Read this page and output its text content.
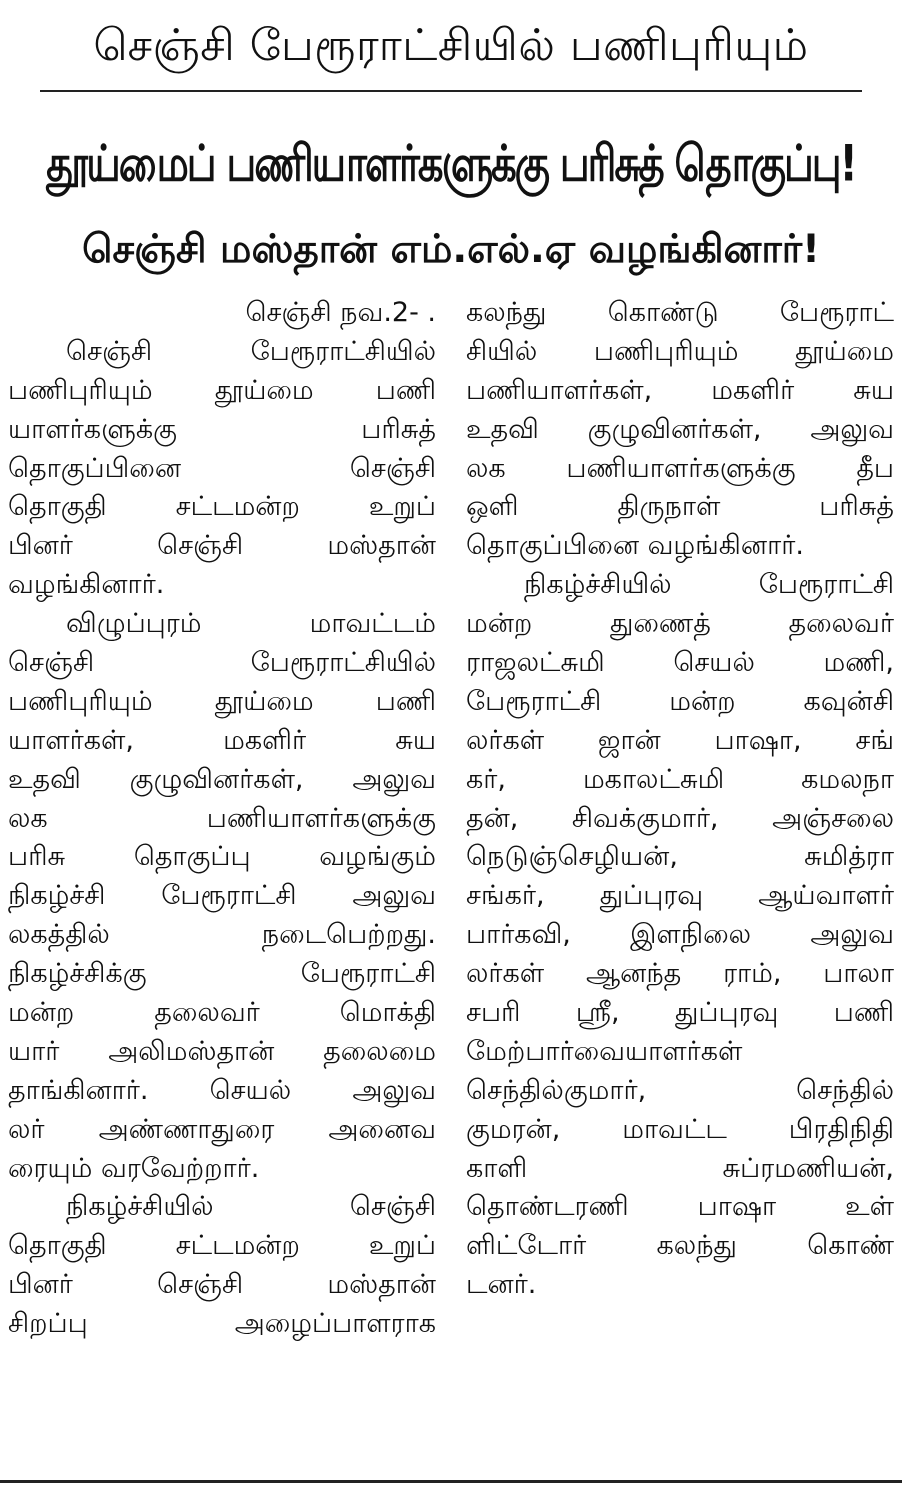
செஞ்சி பேரூராட்சியில் பணிபுரியும்
தூய்மைப் பணியாளர்களுக்கு பரிசுத் தொகுப்பு!
செஞ்சி மஸ்தான் எம்.எல்.ஏ வழங்கினார்!
செஞ்சி நவ.2- .
செஞ்சி பேரூராட்சியில்
பணிபுரியும் தூய்மை பணி
யாளர்களுக்கு பரிசுத்
தொகுப்பினை செஞ்சி
தொகுதி சட்டமன்ற உறுப்
பினர் செஞ்சி மஸ்தான்
வழங்கினார்.
விழுப்புரம் மாவட்டம்
செஞ்சி பேரூராட்சியில்
பணிபுரியும் தூய்மை பணி
யாளர்கள், மகளிர் சுய
உதவி குழுவினர்கள், அலுவ
லக பணியாளர்களுக்கு
பரிசு தொகுப்பு வழங்கும்
நிகழ்ச்சி பேரூராட்சி அலுவ
லகத்தில் நடைபெற்றது.
நிகழ்ச்சிக்கு பேரூராட்சி
மன்ற தலைவர் மொக்தி
யார் அலிமஸ்தான் தலைமை
தாங்கினார். செயல் அலுவ
லர் அண்ணாதுரை அனைவ
ரையும் வரவேற்றார்.
நிகழ்ச்சியில் செஞ்சி
தொகுதி சட்டமன்ற உறுப்
பினர் செஞ்சி மஸ்தான்
சிறப்பு அழைப்பாளராக
கலந்து கொண்டு பேரூராட்
சியில் பணிபுரியும் தூய்மை
பணியாளர்கள், மகளிர் சுய
உதவி குழுவினர்கள், அலுவ
லக பணியாளர்களுக்கு தீப
ஒளி திருநாள் பரிசுத்
தொகுப்பினை வழங்கினார்.
நிகழ்ச்சியில் பேரூராட்சி
மன்ற துணைத் தலைவர்
ராஜலட்சுமி செயல் மணி,
பேரூராட்சி மன்ற கவுன்சி
லர்கள் ஜான் பாஷா, சங்
கர், மகாலட்சுமி கமலநா
தன், சிவக்குமார், அஞ்சலை
நெடுஞ்செழியன், சுமித்ரா
சங்கர், துப்புரவு ஆய்வாளர்
பார்கவி, இளநிலை அலுவ
லர்கள் ஆனந்த ராம், பாலா
சபரி ஸ்ரீ, துப்புரவு பணி
மேற்பார்வையாளர்கள்
செந்தில்குமார், செந்தில்
குமரன், மாவட்ட பிரதிநிதி
காளி சுப்ரமணியன்,
தொண்டரணி பாஷா உள்
ளிட்டோர் கலந்து கொண்
டனர்.
